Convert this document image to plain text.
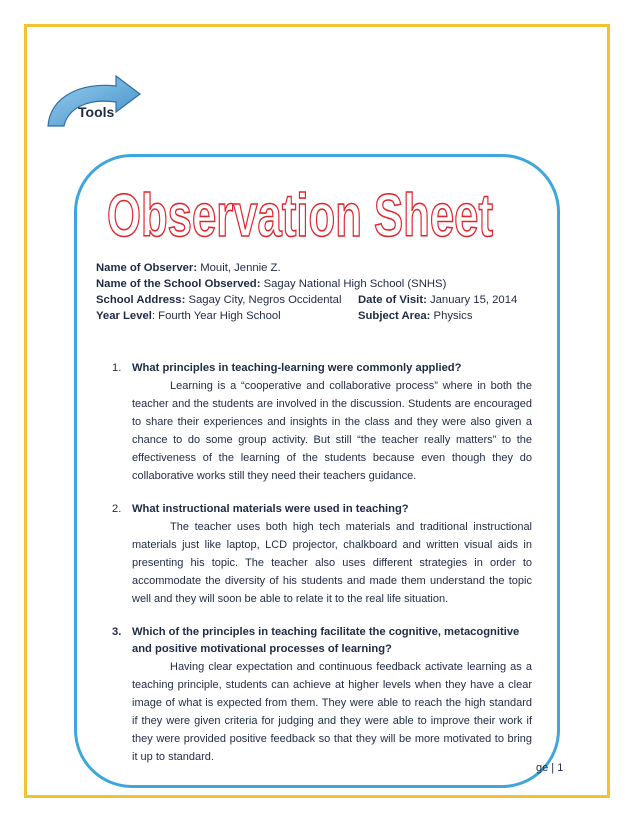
Tools
Observation Sheet
Name of Observer: Mouit, Jennie Z.
Name of the School Observed: Sagay National High School (SNHS)
School Address: Sagay City, Negros Occidental	Date of Visit: January 15, 2014
Year Level: Fourth Year High School	Subject Area: Physics
1. What principles in teaching-learning were commonly applied?
Learning is a “cooperative and collaborative process” where in both the teacher and the students are involved in the discussion. Students are encouraged to share their experiences and insights in the class and they were also given a chance to do some group activity. But still “the teacher really matters” to the effectiveness of the learning of the students because even though they do collaborative works still they need their teachers guidance.
2. What instructional materials were used in teaching?
The teacher uses both high tech materials and traditional instructional materials just like laptop, LCD projector, chalkboard and written visual aids in presenting his topic. The teacher also uses different strategies in order to accommodate the diversity of his students and made them understand the topic well and they will soon be able to relate it to the real life situation.
3. Which of the principles in teaching facilitate the cognitive, metacognitive and positive motivational processes of learning?
Having clear expectation and continuous feedback activate learning as a teaching principle, students can achieve at higher levels when they have a clear image of what is expected from them. They were able to reach the high standard if they were given criteria for judging and they were able to improve their work if they were provided positive feedback so that they will be more motivated to bring it up to standard.
ge | 1
